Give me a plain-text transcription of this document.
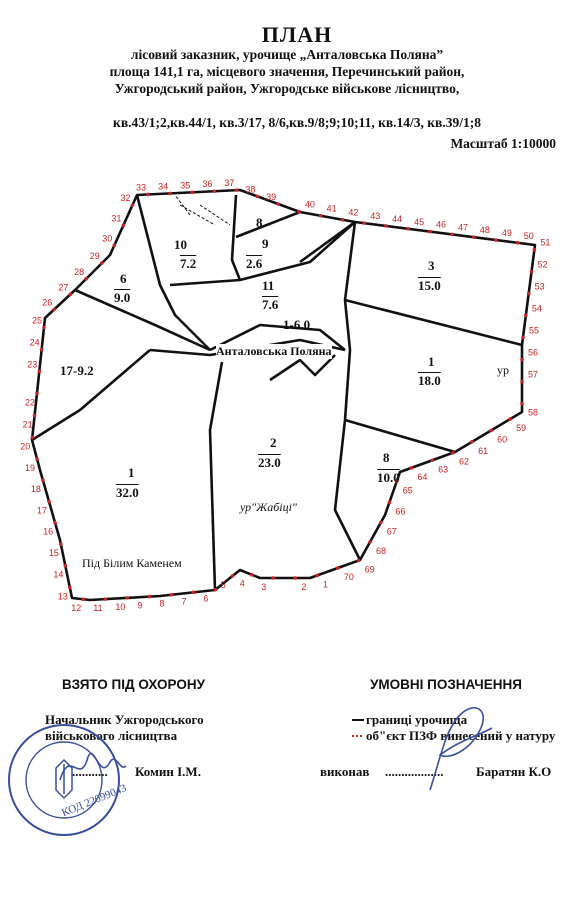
ПЛАН
лісовий заказник, урочище „Анталовська Поляна”
площа 141,1 га, місцевого значення, Перечинський район,
Ужгородський район, Ужгородське військове лісництво,
кв.43/1;2,кв.44/1, кв.3/17, 8/6,кв.9/8;9;10;11, кв.14/3, кв.39/1;8
Масштаб 1:10000
1
2
3
4
5
6
7
8
9
10
11
12
13
14
15
16
17
18
19
20
21
22
23
24
25
26
27
28
29
30
31
32
33 34 35 36 37
38
39
40 41 42 43 44 45 46 47 48 49 50
51
52
53
54
55
56
57
58
59
60
61
62
63
64
65
66
67
68
69
70
10
7.2
8
9
2.6
11
7.6
6
9.0
3
15.0
1-6.0
17-9.2
1
18.0
2
23.0	8
10.0
1
32.0
Анталовська Поляна
ур"Жабіці"
Під Білим Каменем
ур
ВЗЯТО ПІД ОХОРОНУ
Начальник Ужгородського
військового лісництва
........... Комин І.М.
УМОВНІ ПОЗНАЧЕННЯ
границі урочища
об"єкт ПЗФ винесений у натуру
виконав ..................	Баратян К.О
КОД 22099043
